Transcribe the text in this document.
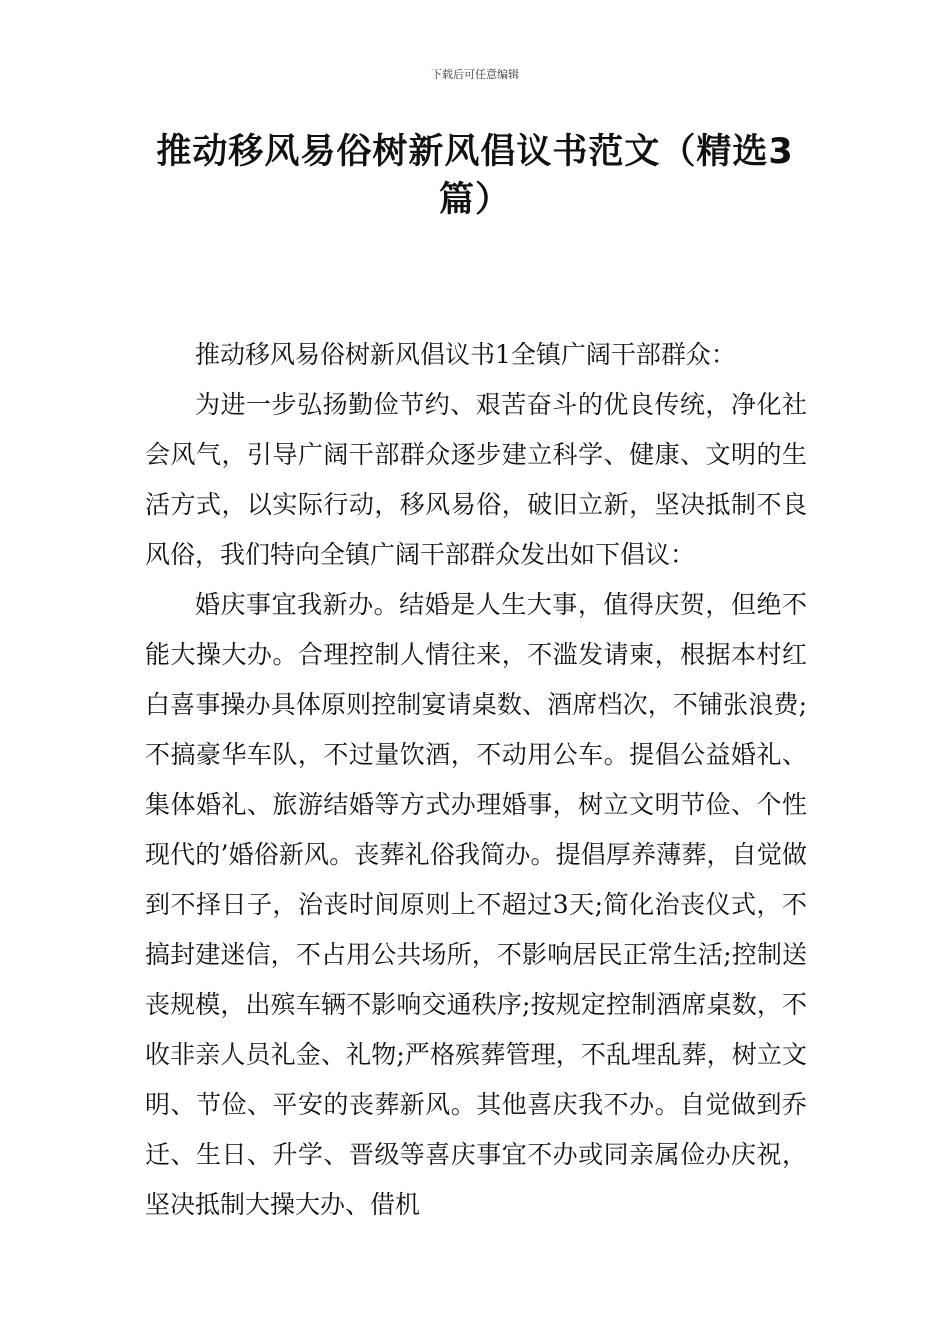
下载后可任意编辑
推动移风易俗树新风倡议书范文（精选3篇）

推动移风易俗树新风倡议书1全镇广阔干部群众：

为进一步弘扬勤俭节约、艰苦奋斗的优良传统，净化社会风气，引导广阔干部群众逐步建立科学、健康、文明的生活方式，以实际行动，移风易俗，破旧立新，坚决抵制不良风俗，我们特向全镇广阔干部群众发出如下倡议：

婚庆事宜我新办。结婚是人生大事，值得庆贺，但绝不能大操大办。合理控制人情往来，不滥发请柬，根据本村红白喜事操办具体原则控制宴请桌数、酒席档次，不铺张浪费;不搞豪华车队，不过量饮酒，不动用公车。提倡公益婚礼、集体婚礼、旅游结婚等方式办理婚事，树立文明节俭、个性现代的’婚俗新风。丧葬礼俗我简办。提倡厚养薄葬，自觉做到不择日子，治丧时间原则上不超过3天;简化治丧仪式，不搞封建迷信，不占用公共场所，不影响居民正常生活;控制送丧规模，出殡车辆不影响交通秩序;按规定控制酒席桌数，不收非亲人员礼金、礼物;严格殡葬管理，不乱埋乱葬，树立文明、节俭、平安的丧葬新风。其他喜庆我不办。自觉做到乔迁、生日、升学、晋级等喜庆事宜不办或同亲属俭办庆祝，坚决抵制大操大办、借机
